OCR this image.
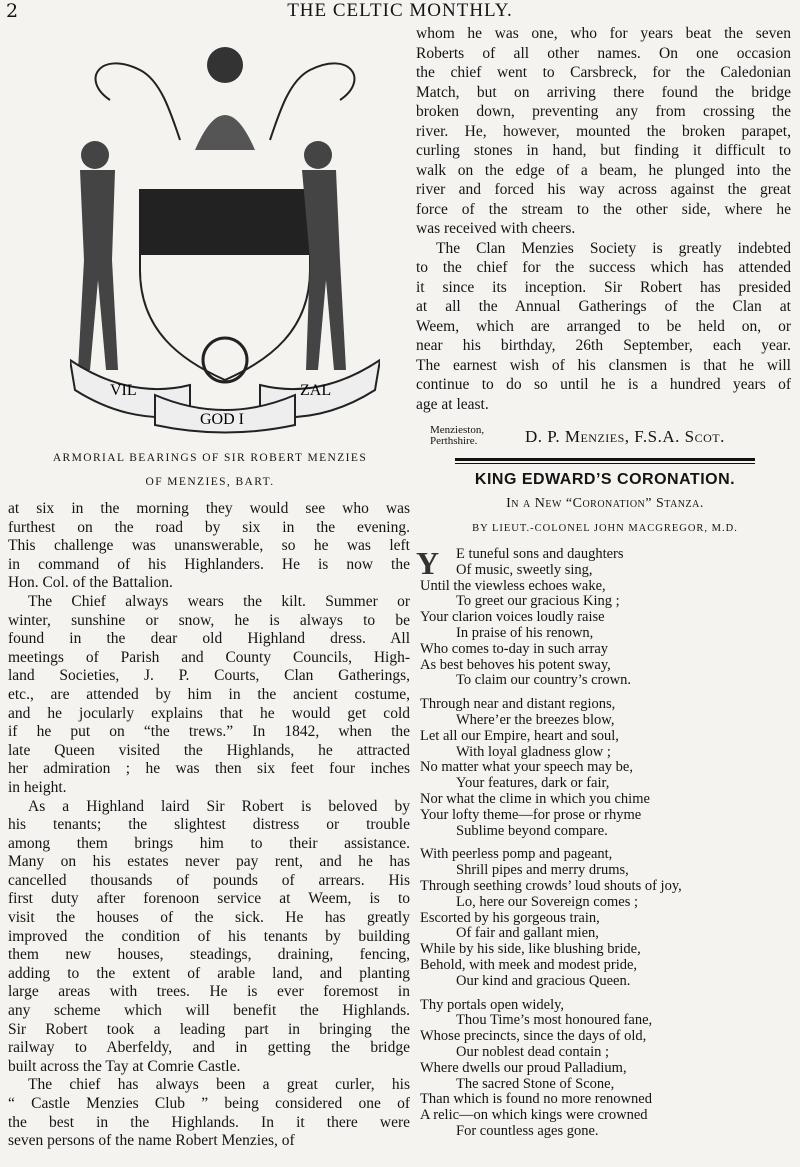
2	THE CELTIC MONTHLY.
VIL	ZAL
GOD I
ARMORIAL BEARINGS OF SIR ROBERT MENZIES
OF MENZIES, BART.
at six in the morning they would see who was
furthest on the road by six in the evening.
This challenge was unanswerable, so he was left
in command of his Highlanders. He is now the
Hon. Col. of the Battalion.
The Chief always wears the kilt. Summer or
winter, sunshine or snow, he is always to be
found in the dear old Highland dress. All
meetings of Parish and County Councils, High-
land Societies, J. P. Courts, Clan Gatherings,
etc., are attended by him in the ancient costume,
and he jocularly explains that he would get cold
if he put on “the trews.” In 1842, when the
late Queen visited the Highlands, he attracted
her admiration ; he was then six feet four inches
in height.
As a Highland laird Sir Robert is beloved by
his tenants; the slightest distress or trouble
among them brings him to their assistance.
Many on his estates never pay rent, and he has
cancelled thousands of pounds of arrears. His
first duty after forenoon service at Weem, is to
visit the houses of the sick. He has greatly
improved the condition of his tenants by building
them new houses, steadings, draining, fencing,
adding to the extent of arable land, and planting
large areas with trees. He is ever foremost in
any scheme which will benefit the Highlands.
Sir Robert took a leading part in bringing the
railway to Aberfeldy, and in getting the bridge
built across the Tay at Comrie Castle.
The chief has always been a great curler, his
“ Castle Menzies Club ” being considered one of
the best in the Highlands. In it there were
seven persons of the name Robert Menzies, of
whom he was one, who for years beat the seven
Roberts of all other names. On one occasion
the chief went to Carsbreck, for the Caledonian
Match, but on arriving there found the bridge
broken down, preventing any from crossing the
river. He, however, mounted the broken parapet,
curling stones in hand, but finding it difficult to
walk on the edge of a beam, he plunged into the
river and forced his way across against the great
force of the stream to the other side, where he
was received with cheers.
The Clan Menzies Society is greatly indebted
to the chief for the success which has attended
it since its inception. Sir Robert has presided
at all the Annual Gatherings of the Clan at
Weem, which are arranged to be held on, or
near his birthday, 26th September, each year.
The earnest wish of his clansmen is that he will
continue to do so until he is a hundred years of
age at least.
Menzieston,
Perthshire.	D. P. Menzies, F.S.A. Scot.
KING EDWARD’S CORONATION.
In a New “Coronation” Stanza.
BY LIEUT.-COLONEL JOHN MACGREGOR, M.D.
Y	E tuneful sons and daughters
Of music, sweetly sing,
Until the viewless echoes wake,
To greet our gracious King ;
Your clarion voices loudly raise
In praise of his renown,
Who comes to-day in such array
As best behoves his potent sway,
To claim our country’s crown.
Through near and distant regions,
Where’er the breezes blow,
Let all our Empire, heart and soul,
With loyal gladness glow ;
No matter what your speech may be,
Your features, dark or fair,
Nor what the clime in which you chime
Your lofty theme—for prose or rhyme
Sublime beyond compare.
With peerless pomp and pageant,
Shrill pipes and merry drums,
Through seething crowds’ loud shouts of joy,
Lo, here our Sovereign comes ;
Escorted by his gorgeous train,
Of fair and gallant mien,
While by his side, like blushing bride,
Behold, with meek and modest pride,
Our kind and gracious Queen.
Thy portals open widely,
Thou Time’s most honoured fane,
Whose precincts, since the days of old,
Our noblest dead contain ;
Where dwells our proud Palladium,
The sacred Stone of Scone,
Than which is found no more renowned
A relic—on which kings were crowned
For countless ages gone.
